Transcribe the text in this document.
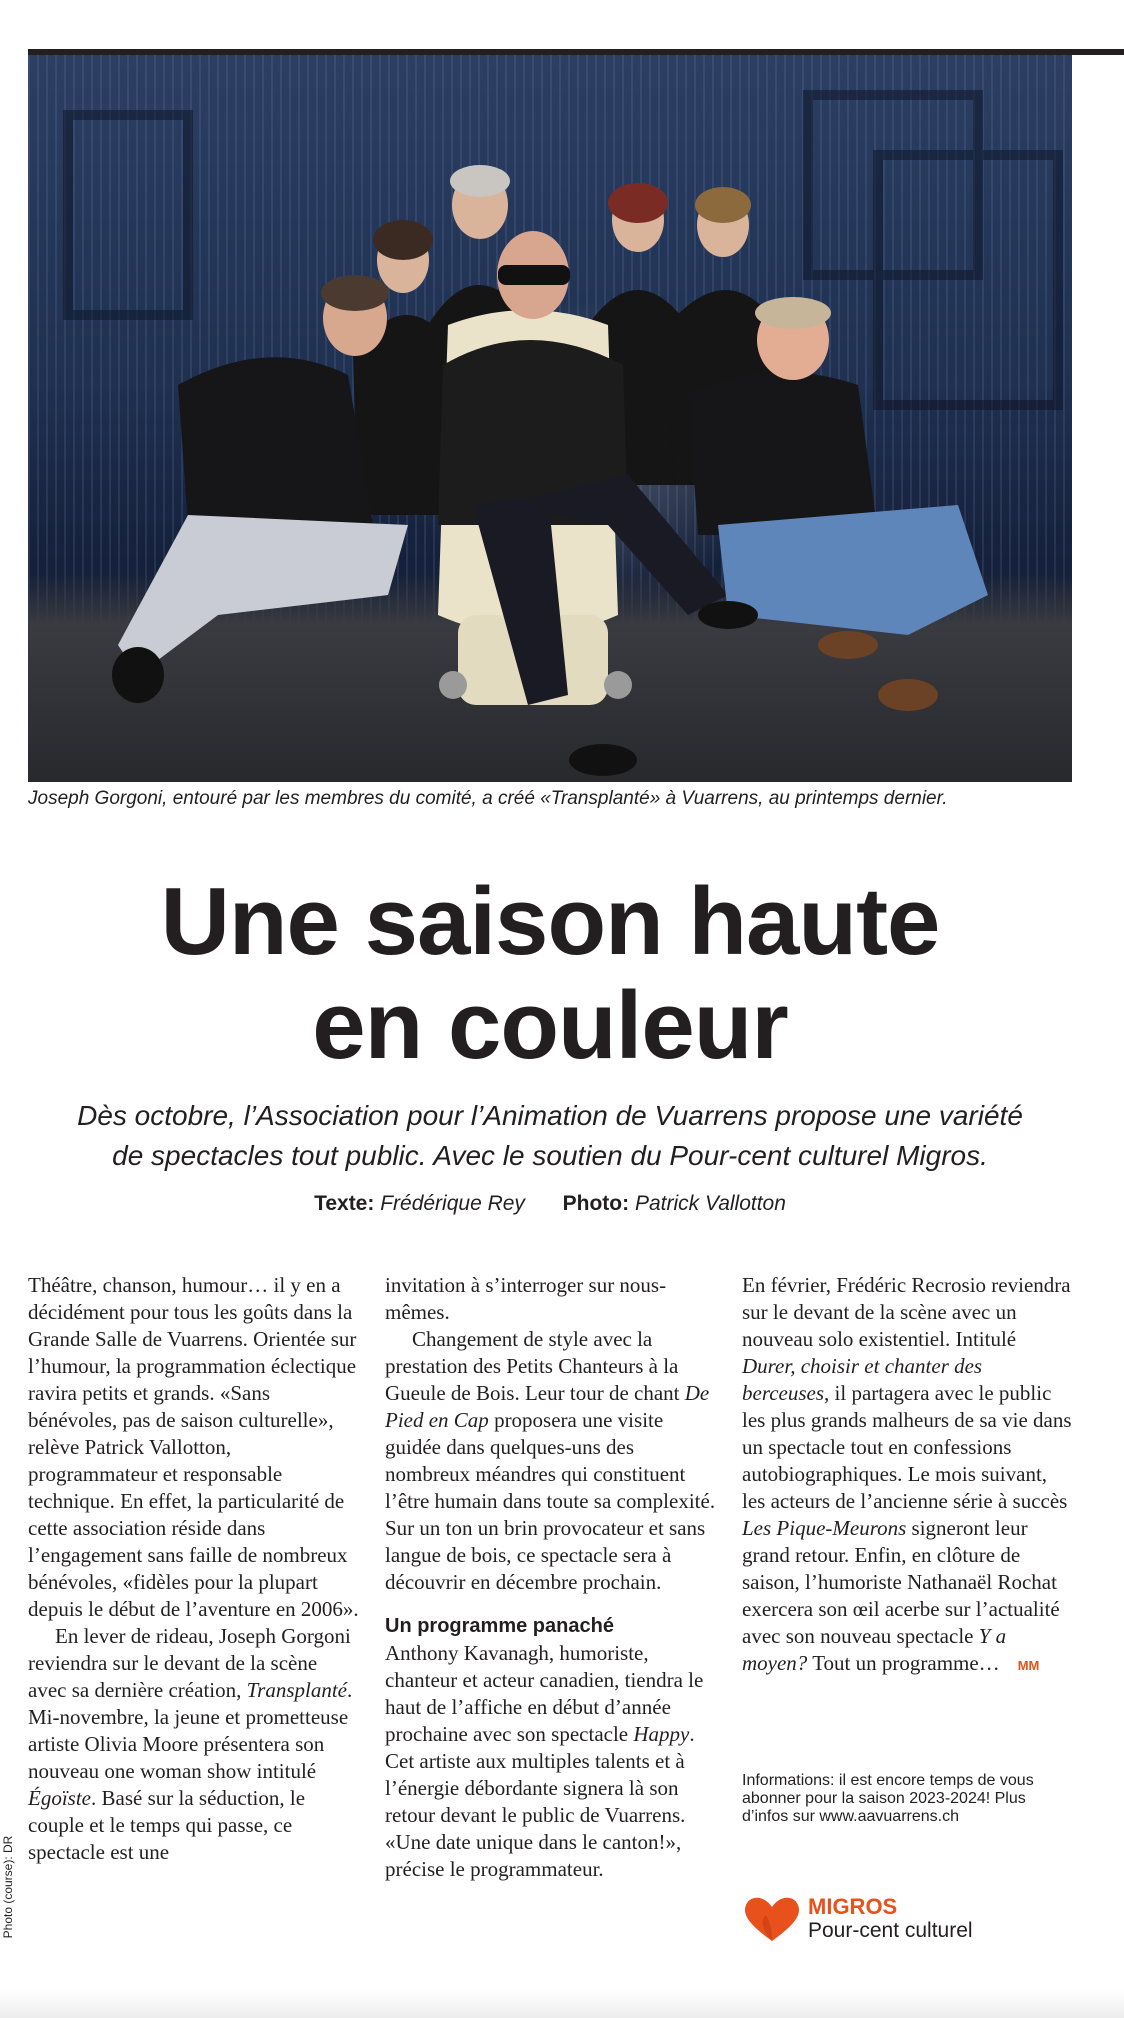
Joseph Gorgoni, entouré par les membres du comité, a créé «Transplanté» à Vuarrens, au printemps dernier.
Une saison haute
en couleur
Dès octobre, l’Association pour l’Animation de Vuarrens propose une variété
de spectacles tout public. Avec le soutien du Pour-cent culturel Migros.
Texte: Frédérique Rey Photo: Patrick Vallotton

Théâtre, chanson, humour… il y en a décidément pour tous les goûts dans la Grande Salle de Vuarrens. Orientée sur l’humour, la programmation éclectique ravira petits et grands. «Sans bénévoles, pas de saison culturelle», relève Patrick Vallotton, programmateur et responsable technique. En effet, la particularité de cette association réside dans l’engagement sans faille de nombreux bénévoles, «fidèles pour la plupart depuis le début de l’aventure en 2006».

En lever de rideau, Joseph Gorgoni reviendra sur le devant de la scène avec sa dernière création, Transplanté. Mi-novembre, la jeune et prometteuse artiste Olivia Moore présentera son nouveau one woman show intitulé Égoïste. Basé sur la séduction, le couple et le temps qui passe, ce spectacle est une

invitation à s’interroger sur nous-mêmes.

Changement de style avec la prestation des Petits Chanteurs à la Gueule de Bois. Leur tour de chant De Pied en Cap proposera une visite guidée dans quelques-uns des nombreux méandres qui constituent l’être humain dans toute sa complexité. Sur un ton un brin provocateur et sans langue de bois, ce spectacle sera à découvrir en décembre prochain.

Un programme panaché

Anthony Kavanagh, humoriste, chanteur et acteur canadien, tiendra le haut de l’affiche en début d’année prochaine avec son spectacle Happy. Cet artiste aux multiples talents et à l’énergie débordante signera là son retour devant le public de Vuarrens. «Une date unique dans le canton!», précise le programmateur.

En février, Frédéric Recrosio reviendra sur le devant de la scène avec un nouveau solo existentiel. Intitulé Durer, choisir et chanter des berceuses, il partagera avec le public les plus grands malheurs de sa vie dans un spectacle tout en confessions autobiographiques. Le mois suivant, les acteurs de l’ancienne série à succès Les Pique-Meurons signeront leur grand retour. Enfin, en clôture de saison, l’humoriste Nathanaël Rochat exercera son œil acerbe sur l’actualité avec son nouveau spectacle Y a moyen? Tout un programme… MM

Informations: il est encore temps de vous abonner pour la saison 2023-2024! Plus d’infos sur www.aavuarrens.ch
Photo (course): DR	MIGROS
Pour-cent culturel
